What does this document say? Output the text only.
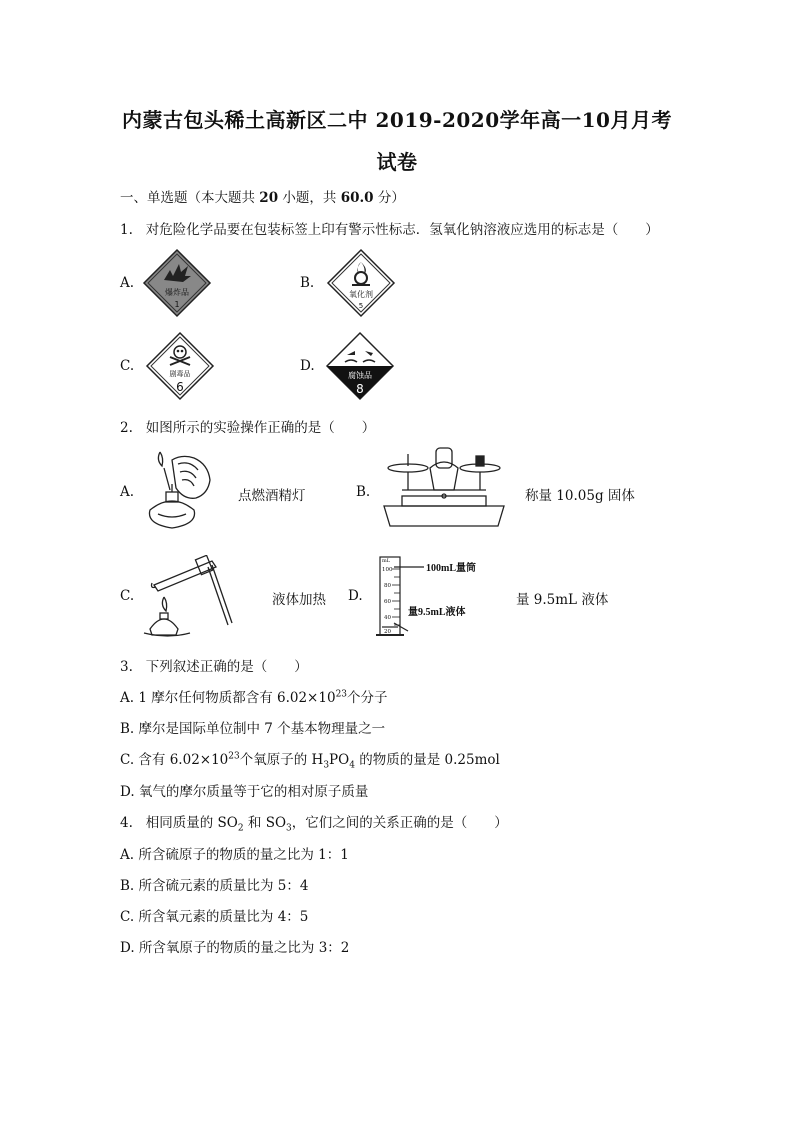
内蒙古包头稀土高新区二中 2019-2020学年高一10月月考
试卷
一、单选题（本大题共 20 小题，共 60.0 分）
1. 对危险化学品要在包装标签上印有警示性标志．氢氧化钠溶液应选用的标志是（　　）
A.
爆炸品
1
B.
氧化剂
5
C.	剧毒品
6
D.
腐蚀品
8
2. 如图所示的实验操作正确的是（　　）
A.	点燃酒精灯	B.	称量 10.05g 固体
C.	液体加热 D.
mL
100
80
60
40
20
100mL量筒
量9.5mL液体
量 9.5mL 液体
3. 下列叙述正确的是（　　）
A. 1 摩尔任何物质都含有 $6.02\times 10^{23}$个分子
B. 摩尔是国际单位制中 7 个基本物理量之一
C. 含有 $6.02\times 10^{23}$个氧原子的 $H_3PO_4$ 的物质的量是 0.25mol
D. 氧气的摩尔质量等于它的相对原子质量
4. 相同质量的 $SO_2$ 和 $SO_3$，它们之间的关系正确的是（　　）
A. 所含硫原子的物质的量之比为 1：1
B. 所含硫元素的质量比为 5：4
C. 所含氧元素的质量比为 4：5
D. 所含氧原子的物质的量之比为 3：2
